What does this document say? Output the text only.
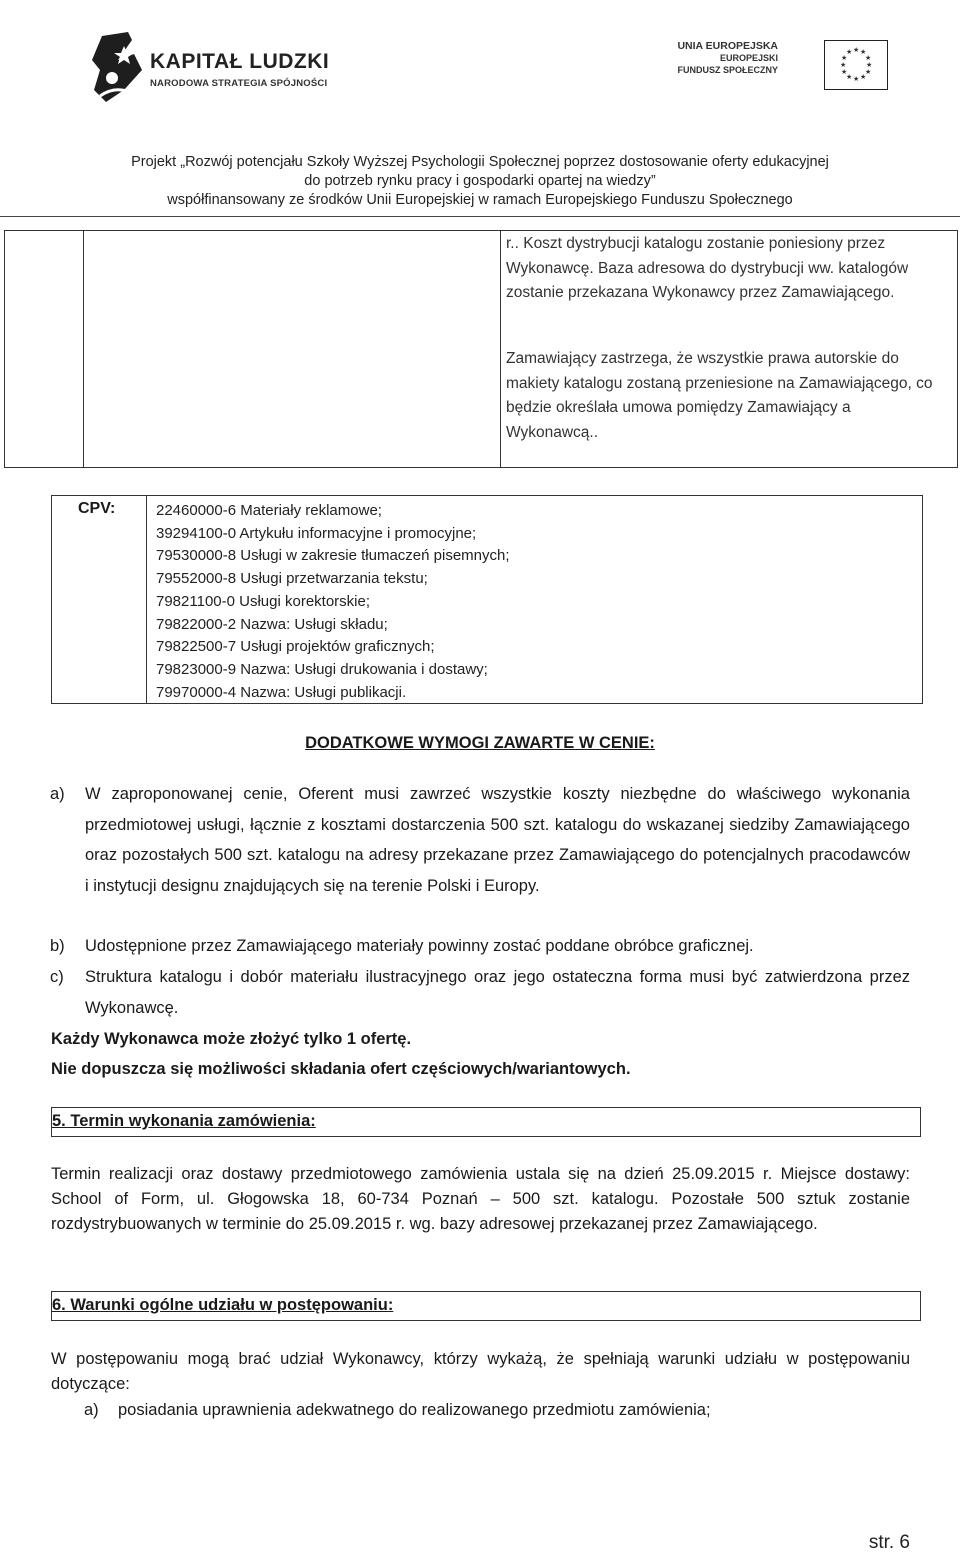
KAPITAŁ LUDZKI
NARODOWA STRATEGIA SPÓJNOŚCI
UNIA EUROPEJSKA
EUROPEJSKI
FUNDUSZ SPOŁECZNY
★ ★
★
★
★
★
★
★
★
★
★
★
Projekt „Rozwój potencjału Szkoły Wyższej Psychologii Społecznej poprzez dostosowanie oferty edukacyjnej
do potrzeb rynku pracy i gospodarki opartej na wiedzy”
współfinansowany ze środków Unii Europejskiej w ramach Europejskiego Funduszu Społecznego
r.. Koszt dystrybucji katalogu zostanie poniesiony przez Wykonawcę. Baza adresowa do dystrybucji ww. katalogów zostanie przekazana Wykonawcy przez Zamawiającego.
Zamawiający zastrzega, że wszystkie prawa autorskie do makiety katalogu zostaną przeniesione na Zamawiającego, co będzie określała umowa pomiędzy Zamawiający a Wykonawcą..
CPV:	22460000-6 Materiały reklamowe;
39294100-0 Artykułu informacyjne i promocyjne;
79530000-8 Usługi w zakresie tłumaczeń pisemnych;
79552000-8 Usługi przetwarzania tekstu;
79821100-0 Usługi korektorskie;
79822000-2 Nazwa: Usługi składu;
79822500-7 Usługi projektów graficznych;
79823000-9 Nazwa: Usługi drukowania i dostawy;
79970000-4 Nazwa: Usługi publikacji.
DODATKOWE WYMOGI ZAWARTE W CENIE:
a) W zaproponowanej cenie, Oferent musi zawrzeć wszystkie koszty niezbędne do właściwego wykonania przedmiotowej usługi, łącznie z kosztami dostarczenia 500 szt. katalogu do wskazanej siedziby Zamawiającego oraz pozostałych 500 szt. katalogu na adresy przekazane przez Zamawiającego do potencjalnych pracodawców i instytucji designu znajdujących się na terenie Polski i Europy.
b) Udostępnione przez Zamawiającego materiały powinny zostać poddane obróbce graficznej.
c) Struktura katalogu i dobór materiału ilustracyjnego oraz jego ostateczna forma musi być zatwierdzona przez Wykonawcę.
Każdy Wykonawca może złożyć tylko 1 ofertę.
Nie dopuszcza się możliwości składania ofert częściowych/wariantowych.
5. Termin wykonania zamówienia:
Termin realizacji oraz dostawy przedmiotowego zamówienia ustala się na dzień 25.09.2015 r. Miejsce dostawy: School of Form, ul. Głogowska 18, 60-734 Poznań – 500 szt. katalogu. Pozostałe 500 sztuk zostanie rozdystrybuowanych w terminie do 25.09.2015 r. wg. bazy adresowej przekazanej przez Zamawiającego.
6. Warunki ogólne udziału w postępowaniu:
W postępowaniu mogą brać udział Wykonawcy, którzy wykażą, że spełniają warunki udziału w postępowaniu dotyczące:
a) posiadania uprawnienia adekwatnego do realizowanego przedmiotu zamówienia;
str. 6
